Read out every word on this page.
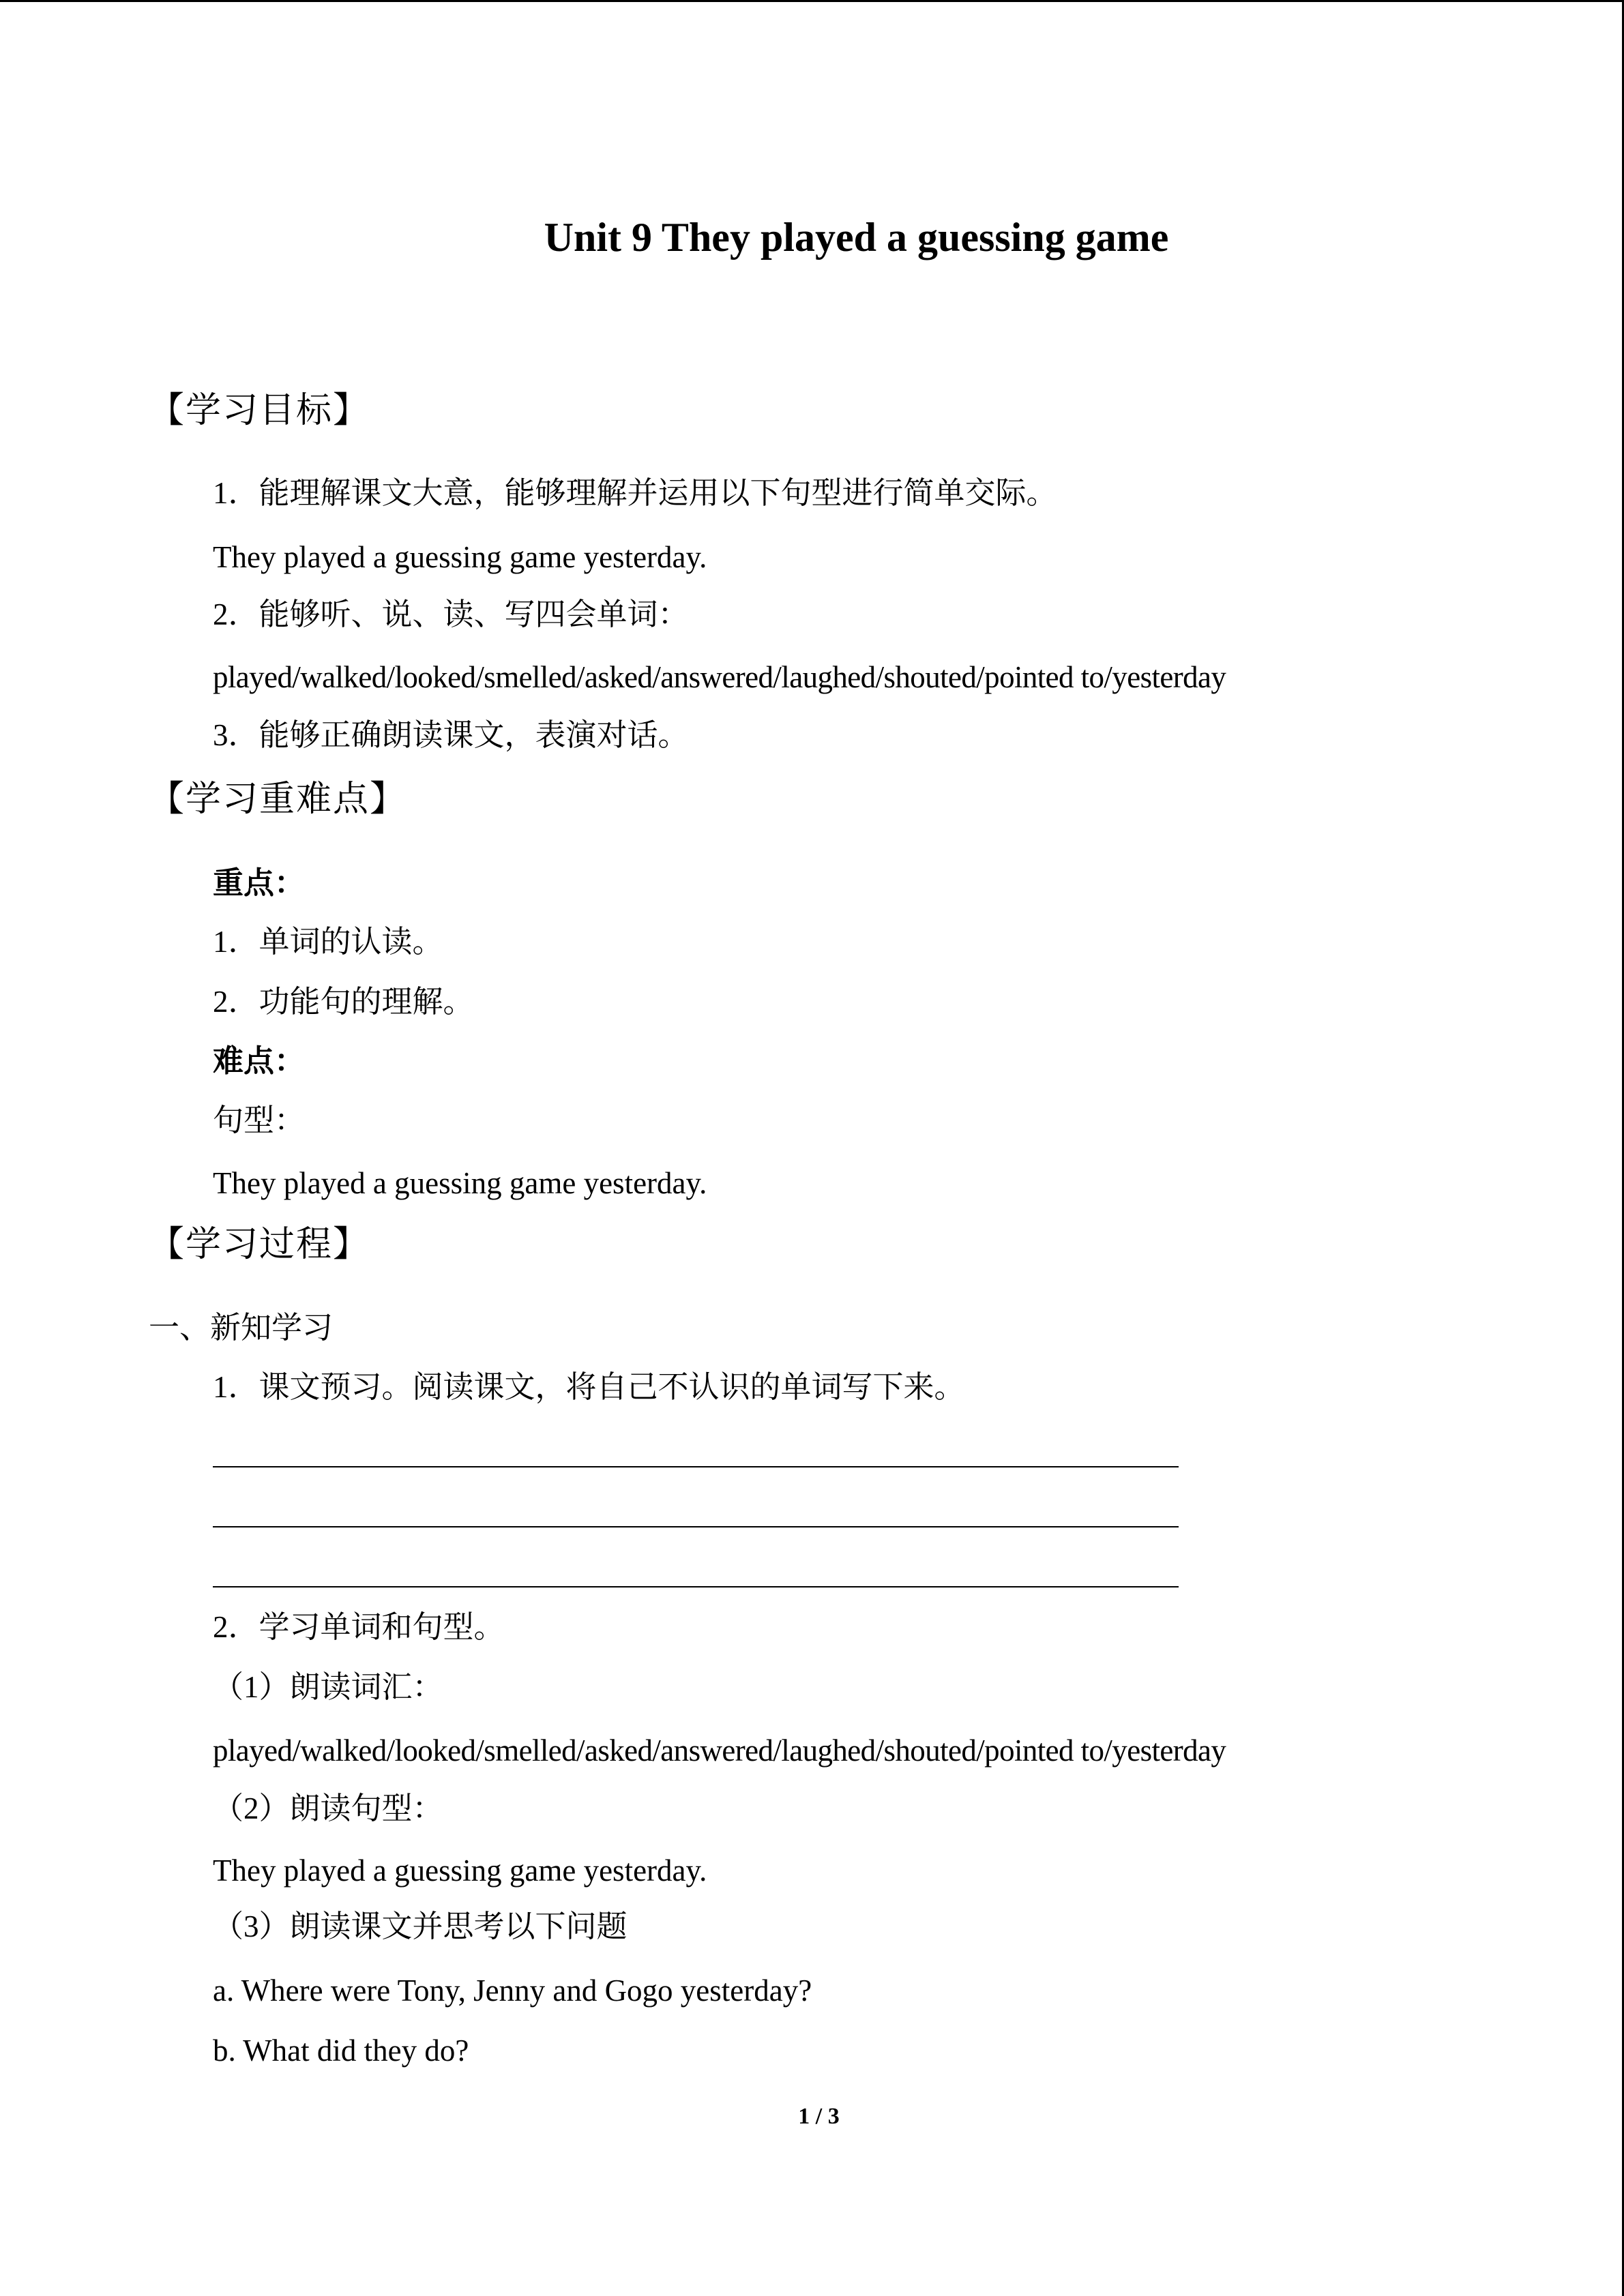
Unit 9 They played a guessing game
【学习目标】
1．能理解课文大意，能够理解并运用以下句型进行简单交际。
They played a guessing game yesterday.
2．能够听、说、读、写四会单词：
played/walked/looked/smelled/asked/answered/laughed/shouted/pointed to/yesterday
3．能够正确朗读课文，表演对话。
【学习重难点】
重点：
1．单词的认读。
2．功能句的理解。
难点：
句型：
They played a guessing game yesterday.
【学习过程】
一、新知学习
1．课文预习。阅读课文，将自己不认识的单词写下来。
2．学习单词和句型。
（1）朗读词汇：
played/walked/looked/smelled/asked/answered/laughed/shouted/pointed to/yesterday
（2）朗读句型：
They played a guessing game yesterday.
（3）朗读课文并思考以下问题
a. Where were Tony, Jenny and Gogo yesterday?
b. What did they do?
1 / 3
